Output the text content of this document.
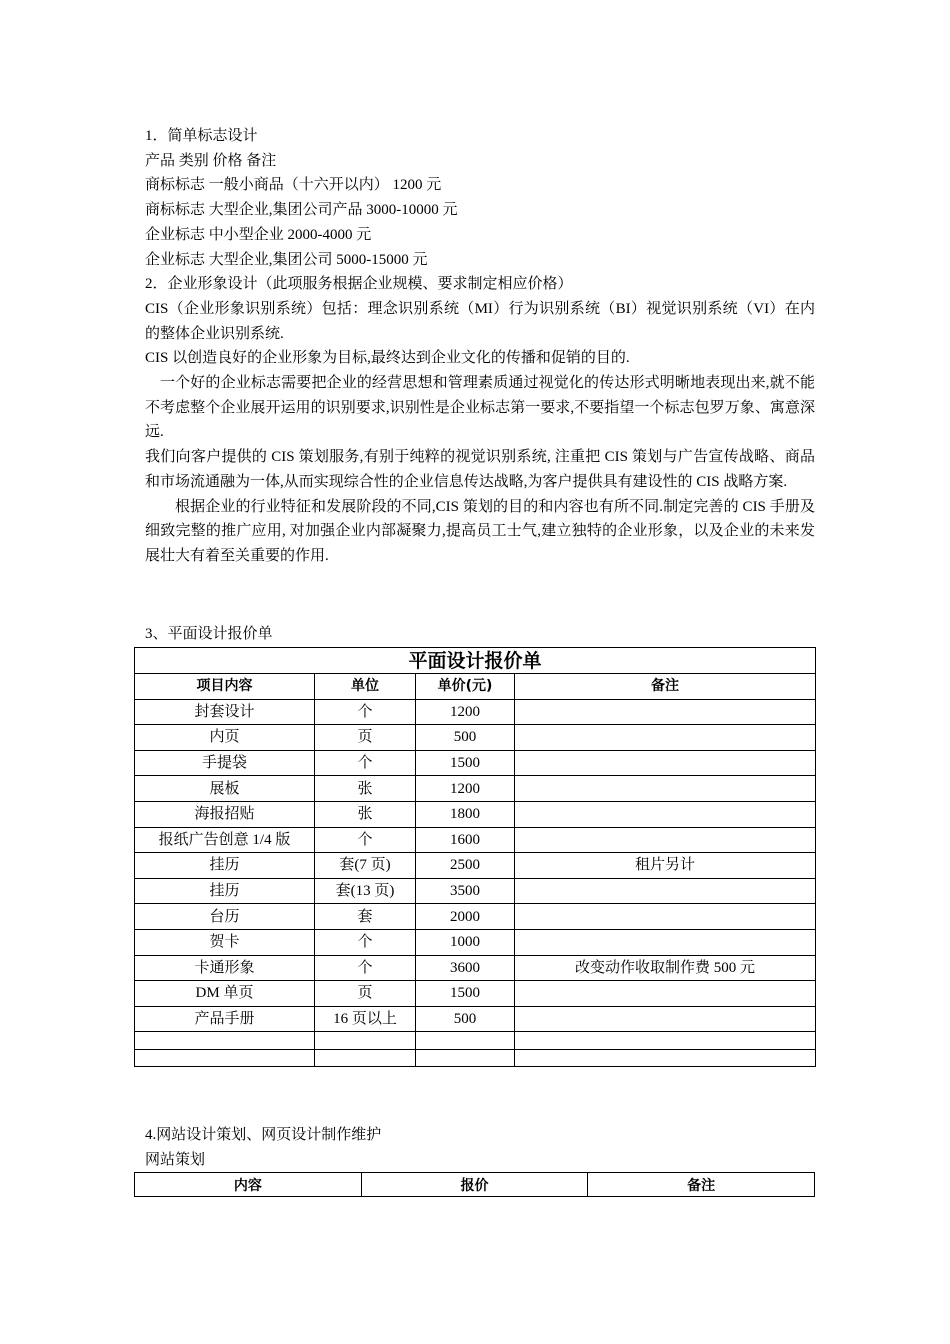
1．简单标志设计

产品 类别 价格 备注

商标标志 一般小商品（十六开以内） 1200 元

商标标志 大型企业,集团公司产品 3000-10000 元

企业标志 中小型企业 2000-4000 元

企业标志 大型企业,集团公司 5000-15000 元

2．企业形象设计（此项服务根据企业规模、要求制定相应价格）

CIS（企业形象识别系统）包括：理念识别系统（MI）行为识别系统（BI）视觉识别系统（VI）在内的整体企业识别系统.

CIS 以创造良好的企业形象为目标,最终达到企业文化的传播和促销的目的.

一个好的企业标志需要把企业的经营思想和管理素质通过视觉化的传达形式明晰地表现出来,就不能不考虑整个企业展开运用的识别要求,识别性是企业标志第一要求,不要指望一个标志包罗万象、寓意深远.

我们向客户提供的 CIS 策划服务,有别于纯粹的视觉识别系统, 注重把 CIS 策划与广告宣传战略、商品和市场流通融为一体,从而实现综合性的企业信息传达战略,为客户提供具有建设性的 CIS 战略方案.

根据企业的行业特征和发展阶段的不同,CIS 策划的目的和内容也有所不同.制定完善的 CIS 手册及细致完整的推广应用, 对加强企业内部凝聚力,提高员工士气,建立独特的企业形象，以及企业的未来发展壮大有着至关重要的作用.

3、平面设计报价单
平面设计报价单			
项目内容	单位	单价(元)	备注
封套设计	个	1200	
内页	页	500	
手提袋	个	1500	
展板	张	1200	
海报招贴	张	1800	
报纸广告创意 1/4 版	个	1600	
挂历	套(7 页)	2500	租片另计
挂历	套(13 页)	3500	
台历	套	2000	
贺卡	个	1000	
卡通形象	个	3600	改变动作收取制作费 500 元
DM 单页	页	1500	
产品手册	16 页以上	500	

4.网站设计策划、网页设计制作维护

网站策划

内容	报价	备注
